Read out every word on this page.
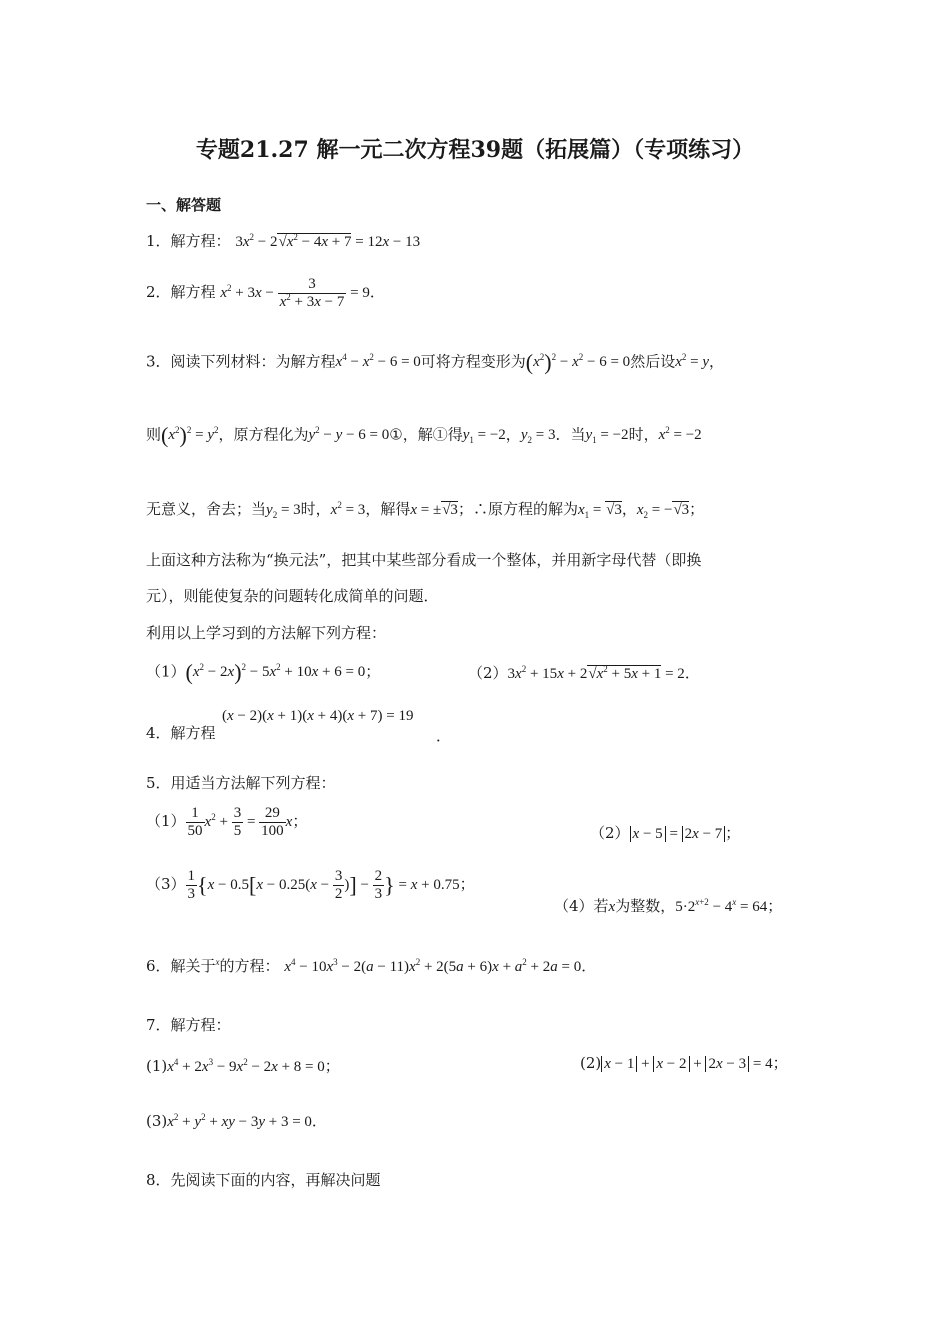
专题21.27 解一元二次方程39题（拓展篇）（专项练习）
一、解答题
1．解方程： $3x^2 - 2√x^2 - 4x + 7 = 12x - 13$
2．解方程 $x^2 + 3x - \frac{3}{x^2 + 3x - 7} = 9$．
3．阅读下列材料：为解方程$x^4 - x^2 - 6 = 0$可将方程变形为$(x^2)^2 - x^2 - 6 = 0$然后设$x^2 = y$，
则$(x^2)^2 = y^2$，原方程化为$y^2 - y - 6$ = 0①，解①得$y_1 = -2$，$y_2 = 3$．当$y_1 = -2$时，$x^2 = -2$
无意义，舍去；当$y_2 = 3$时，$x^2 = 3$，解得x = ±√3；∴原方程的解为$x_1 = √3$，$x_2 = -√3$；
上面这种方法称为“换元法”，把其中某些部分看成一个整体，并用新字母代替（即换
元），则能使复杂的问题转化成简单的问题．
利用以上学习到的方法解下列方程：
$(1)(x^2 - 2x)^2 - 5x^2 + 10x + 6 = 0$；	$(2)3x^2 + 15x + 2√x^2 + 5x + 1 = 2$．
4．解方程
(x − 2)(x + 1)(x + 4)(x + 7) = 19
．
5．用适当方法解下列方程：
$(1) \frac{1}{50} x^2 + \frac{3}{5} = \frac{29}{100}$ x；
（2） x − 5 = 2x − 7 ；
$(3) \frac{1}{3} \{x - 0.5[x - 0.25(x - \frac{3}{2}$ )] − $\frac{2}{3}$ } = x + 0.75；
（4）若x为整数，$5\cdot 2^{x+2} - 4^x = 64$；
6．解关于$^x$的方程： $x^4 - 10x^3 - 2(a - 11)x^2 + 2(5a + 6)x + a^2 + 2a = 0$．
7．解方程：
$(1)x^4 + 2x^3 - 9x^2 - 2x + 8 = 0$；	(2) x − 1 + x − 2 + 2x − 3 = 4；
$(3)x^2 + y^2$ + xy − 3y + 3 = 0．
8．先阅读下面的内容，再解决问题
